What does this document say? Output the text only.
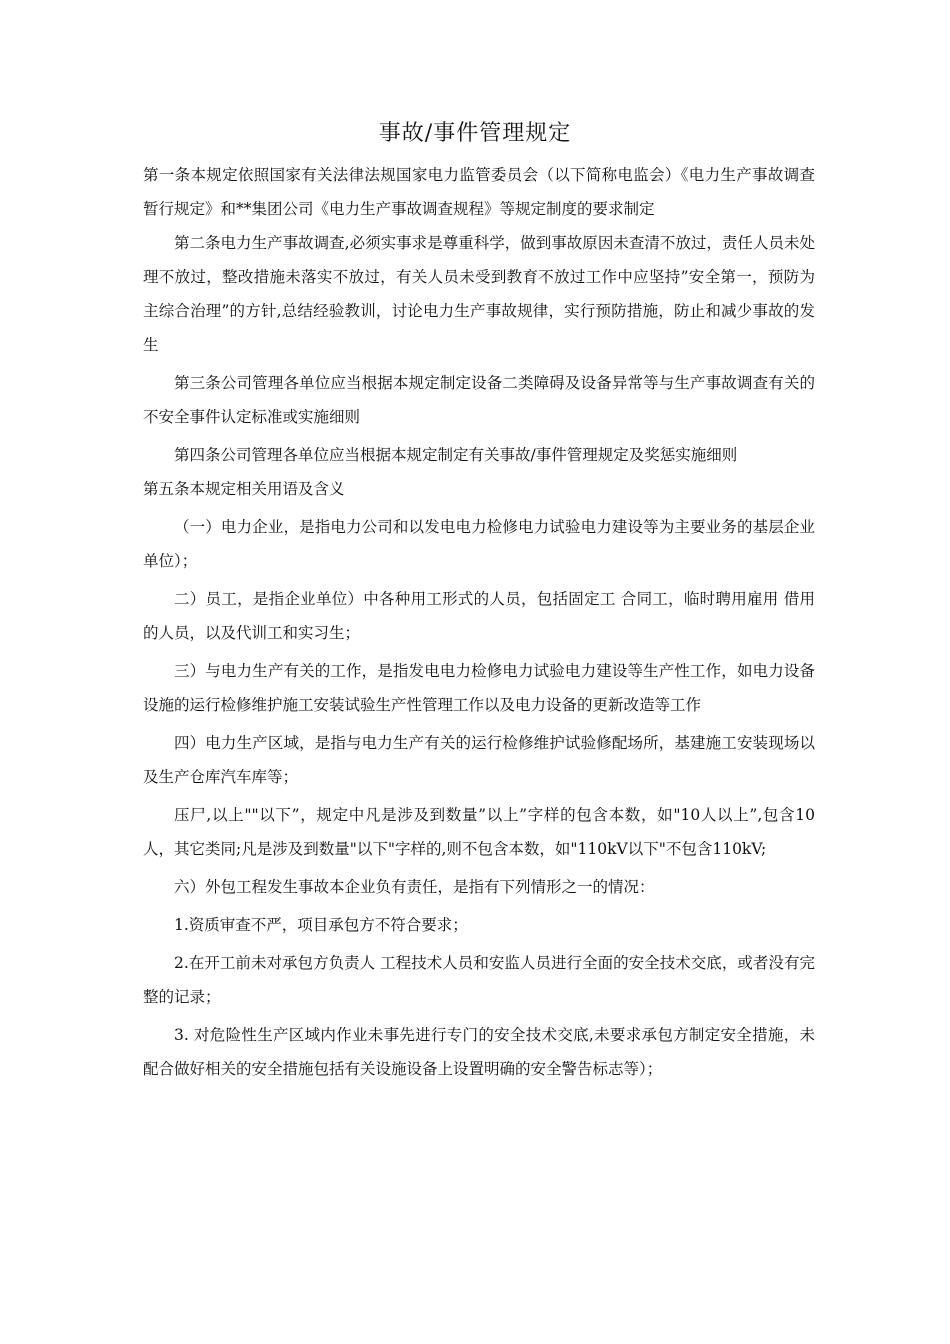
事故/事件管理规定

第一条本规定依照国家有关法律法规国家电力监管委员会（以下简称电监会）《电力生产事故调查暂行规定》和**集团公司《电力生产事故调查规程》等规定制度的要求制定

第二条电力生产事故调查,必须实事求是尊重科学，做到事故原因未查清不放过，责任人员未处理不放过，整改措施未落实不放过，有关人员未受到教育不放过工作中应坚持”安全第一，预防为主综合治理”的方针,总结经验教训，讨论电力生产事故规律，实行预防措施，防止和减少事故的发生

第三条公司管理各单位应当根据本规定制定设备二类障碍及设备异常等与生产事故调查有关的不安全事件认定标准或实施细则

第四条公司管理各单位应当根据本规定制定有关事故/事件管理规定及奖惩实施细则

第五条本规定相关用语及含义

（一）电力企业，是指电力公司和以发电电力检修电力试验电力建设等为主要业务的基层企业单位）；

二）员工，是指企业单位）中各种用工形式的人员，包括固定工 合同工，临时聘用雇用 借用的人员，以及代训工和实习生；

三）与电力生产有关的工作，是指发电电力检修电力试验电力建设等生产性工作，如电力设备设施的运行检修维护施工安装试验生产性管理工作以及电力设备的更新改造等工作

四）电力生产区域，是指与电力生产有关的运行检修维护试验修配场所，基建施工安装现场以及生产仓库汽车库等；

压尸,以上""以下”，规定中凡是涉及到数量”以上”字样的包含本数，如"10人以上”,包含10人，其它类同;凡是涉及到数量"以下"字样的,则不包含本数，如"110kV以下"不包含110kV;

六）外包工程发生事故本企业负有责任，是指有下列情形之一的情况：

1.资质审查不严，项目承包方不符合要求；

2.在开工前未对承包方负责人 工程技术人员和安监人员进行全面的安全技术交底，或者没有完整的记录；

3. 对危险性生产区域内作业未事先进行专门的安全技术交底,未要求承包方制定安全措施，未配合做好相关的安全措施包括有关设施设备上设置明确的安全警告标志等）；
